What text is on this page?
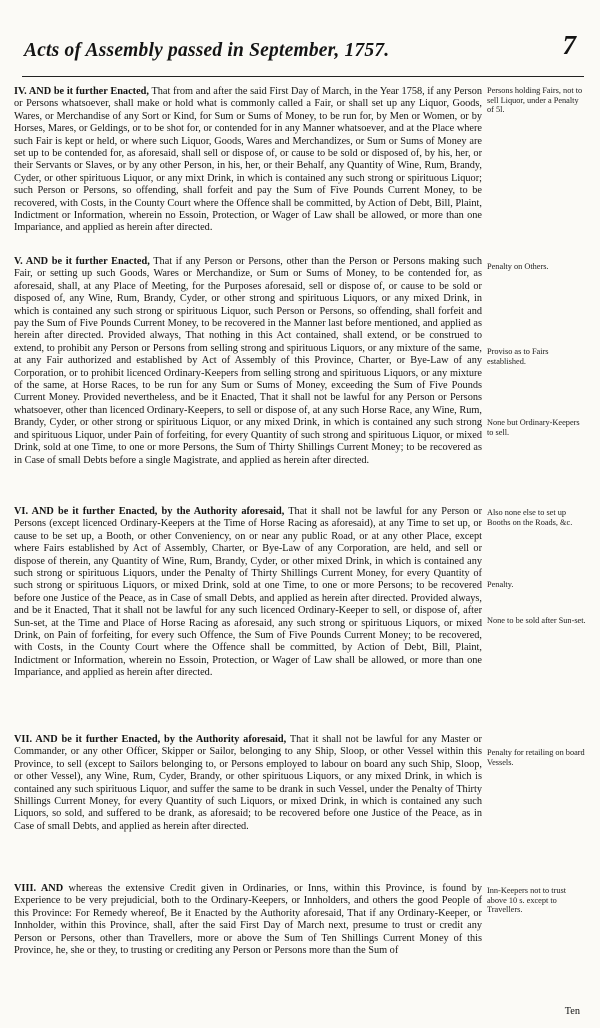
Acts of Assembly passed in September, 1757.	7

IV. AND be it further Enacted, That from and after the said First Day of March, in the Year 1758, if any Person or Persons whatsoever, shall make or hold what is commonly called a Fair, or shall set up any Liquor, Goods, Wares, or Merchandise of any Sort or Kind, for Sum or Sums of Money, to be run for, by Men or Women, or by Horses, Mares, or Geldings, or to be shot for, or contended for in any Manner whatsoever, and at the Place where such Fair is kept or held, or where such Liquor, Goods, Wares and Merchandizes, or Sum or Sums of Money are set up to be contended for, as aforesaid, shall sell or dispose of, or cause to be sold or disposed of, by his, her, or their Servants or Slaves, or by any other Person, in his, her, or their Behalf, any Quantity of Wine, Rum, Brandy, Cyder, or other spirituous Liquor, or any mixt Drink, in which is contained any such strong or spirituous Liquor; such Person or Persons, so offending, shall forfeit and pay the Sum of Five Pounds Current Money, to be recovered, with Costs, in the County Court where the Offence shall be committed, by Action of Debt, Bill, Plaint, Indictment or Information, wherein no Essoin, Protection, or Wager of Law shall be allowed, or more than one Impariance, and applied as herein after directed.

V. AND be it further Enacted, That if any Person or Persons, other than the Person or Persons making such Fair, or setting up such Goods, Wares or Merchandize, or Sum or Sums of Money, to be contended for, as aforesaid, shall, at any Place of Meeting, for the Purposes aforesaid, sell or dispose of, or cause to be sold or disposed of, any Wine, Rum, Brandy, Cyder, or other strong and spirituous Liquors, or any mixed Drink, in which is contained any such strong or spirituous Liquor, such Person or Persons, so offending, shall forfeit and pay the Sum of Five Pounds Current Money, to be recovered in the Manner last before mentioned, and applied as herein after directed. Provided always, That nothing in this Act contained, shall extend, or be construed to extend, to prohibit any Person or Persons from selling strong and spirituous Liquors, or any mixture of the same, at any Fair authorized and established by Act of Assembly of this Province, Charter, or Bye-Law of any Corporation, or to prohibit licenced Ordinary-Keepers from selling strong and spirituous Liquors, or any mixture of the same, at Horse Races, to be run for any Sum or Sums of Money, exceeding the Sum of Five Pounds Current Money. Provided nevertheless, and be it Enacted, That it shall not be lawful for any Person or Persons whatsoever, other than licenced Ordinary-Keepers, to sell or dispose of, at any such Horse Race, any Wine, Rum, Brandy, Cyder, or other strong or spirituous Liquor, or any mixed Drink, in which is contained any such strong and spirituous Liquor, under Pain of forfeiting, for every Quantity of such strong and spirituous Liquor, or mixed Drink, sold at one Time, to one or more Persons, the Sum of Thirty Shillings Current Money; to be recovered as in Case of small Debts before a single Magistrate, and applied as herein after directed.

VI. AND be it further Enacted, by the Authority aforesaid, That it shall not be lawful for any Person or Persons (except licenced Ordinary-Keepers at the Time of Horse Racing as aforesaid), at any Time to set up, or cause to be set up, a Booth, or other Conveniency, on or near any public Road, or at any other Place, except where Fairs established by Act of Assembly, Charter, or Bye-Law of any Corporation, are held, and sell or dispose of therein, any Quantity of Wine, Rum, Brandy, Cyder, or other mixed Drink, in which is contained any such strong or spirituous Liquors, under the Penalty of Thirty Shillings Current Money, for every Quantity of such strong or spirituous Liquors, or mixed Drink, sold at one Time, to one or more Persons; to be recovered before one Justice of the Peace, as in Case of small Debts, and applied as herein after directed. Provided always, and be it Enacted, That it shall not be lawful for any such licenced Ordinary-Keeper to sell, or dispose of, after Sun-set, at the Time and Place of Horse Racing as aforesaid, any such strong or spirituous Liquors, or mixed Drink, on Pain of forfeiting, for every such Offence, the Sum of Five Pounds Current Money; to be recovered, with Costs, in the County Court where the Offence shall be committed, by Action of Debt, Bill, Plaint, Indictment or Information, wherein no Essoin, Protection, or Wager of Law shall be allowed, or more than one Impariance, and applied as herein after directed.

VII. AND be it further Enacted, by the Authority aforesaid, That it shall not be lawful for any Master or Commander, or any other Officer, Skipper or Sailor, belonging to any Ship, Sloop, or other Vessel within this Province, to sell (except to Sailors belonging to, or Persons employed to labour on board any such Ship, Sloop, or other Vessel), any Wine, Rum, Cyder, Brandy, or other spirituous Liquors, or any mixed Drink, in which is contained any such spirituous Liquor, and suffer the same to be drank in such Vessel, under the Penalty of Thirty Shillings Current Money, for every Quantity of such Liquors, or mixed Drink, in which is contained any such Liquors, so sold, and suffered to be drank, as aforesaid; to be recovered before one Justice of the Peace, as in Case of small Debts, and applied as herein after directed.

VIII. AND whereas the extensive Credit given in Ordinaries, or Inns, within this Province, is found by Experience to be very prejudicial, both to the Ordinary-Keepers, or Innholders, and others the good People of this Province: For Remedy whereof, Be it Enacted by the Authority aforesaid, That if any Ordinary-Keeper, or Innholder, within this Province, shall, after the said First Day of March next, presume to trust or credit any Person or Persons, other than Travellers, more or above the Sum of Ten Shillings Current Money of this Province, he, she or they, to trusting or crediting any Person or Persons more than the Sum of

Persons holding Fairs, not to sell Liquor, under a Penalty of 5l.
Penalty on Others.
Proviso as to Fairs established.
None but Ordinary-Keepers to sell.
Also none else to set up Booths on the Roads, &c.
Penalty.
None to be sold after Sun-set.
Penalty for retailing on board Vessels.
Inn-Keepers not to trust above 10 s. except to Travellers.
Ten
